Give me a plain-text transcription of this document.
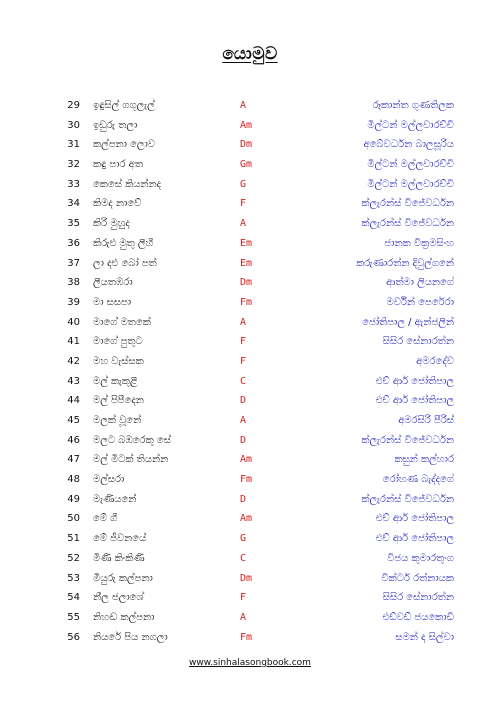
යොමුව
29 ඉඳුසිල් ගගුලැල්	A	රූකාන්ත ගුණතිලක
30 ඉඩුරු තලා	Am	මිල්ටන් මල්ලවාරච්චි
31 කල්පනා ලොව	Dm	අබේවර්ධන බාලසූරිය
32 කඳු පාර අත	Gm	මිල්ටන් මල්ලවාරච්චි
33 කෙසේ කියන්නද	G	මිල්ටන් මල්ලවාරච්චි
34 කිමද නාවේ	F	ක්ලැරන්ස් විජේවර්ධන
35 කිරි මුහුද	A	ක්ලැරන්ස් විජේවර්ධන
36 කිරුළු මුතු ලීහී	Em	ජානක වික්‍රමසිංහ
37 ලා දළු බෝ පත්	Em	කරුණාරත්න දිවුල්ගනේ
38 ලීයතඹරා	Dm	ආත්මා ලියනගේ
39 මා සසපා	Fm	මර්වින් පෙරේරා
40 මාගේ මතකේ	A	ජෝතිපාල / ඇන්ජලින්
41 මාගේ පුතුට	F	සිසිර සේනාරත්න
42 මහ වැස්සක	F	අමරදේව
43 මල් කැකුළී	C	එච් ආර් ජෝතිපාල
44 මල් පිපීදෙන	D	එච් ආර් ජෝතිපාල
45 මලක් වූනේ	A	අමරසිරි පීරිස්
46 මලට බඹරෙකු සේ	D	ක්ලැරන්ස් විජේවර්ධන
47 මල් මිටක් තියන්න	Am	කසුන් කල්හාර
48 මල්සරා	Fm	රෝහණ බැද්දගේ
49 මැණියනේ	D	ක්ලැරන්ස් විජේවර්ධන
50 මේ ගී	Am	එච් ආර් ජෝතිපාල
51 මේ ජීවනයේ	G	එච් ආර් ජෝතිපාල
52 මිණි කිංකිණි	C	විජය කුමාරතුංග
53 මීයුරු කල්පනා	Dm	වික්ටර් රත්නායක
54 නීල ජලාශේ	F	සිසිර සේනාරත්න
55 නිහඬ කල්පනා	A	එඩ්වඩ් ජයකොඩි
56 නියරේ පිය නගලා	Fm	සමන් ද සිල්වා
www.sinhalasongbook.com
